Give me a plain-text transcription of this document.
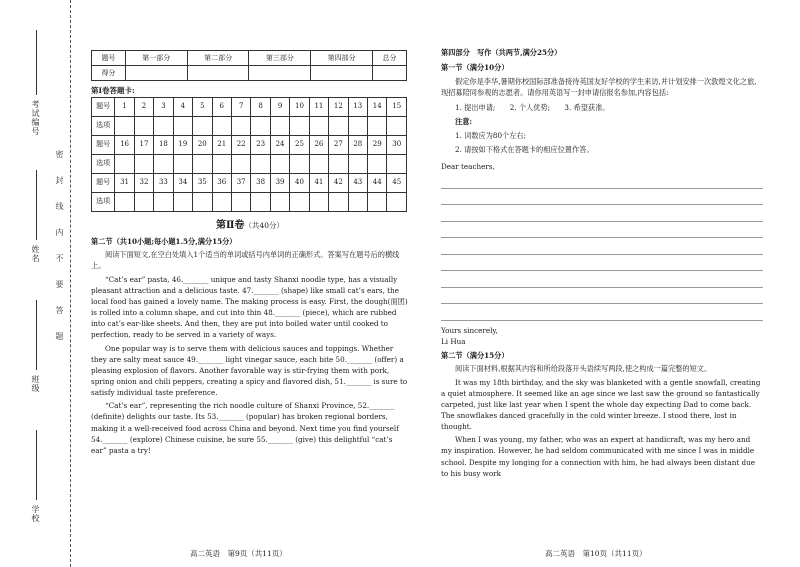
考试编号
姓名
班级
学校
密封线内不要答题
题号	第一部分	第二部分	第三部分	第四部分	总分
得分					
第Ⅰ卷答题卡:
题号	1	2	3	4	5	6	7	8	9	10	11	12	13	14	15
选项															
题号	16	17	18	19	20	21	22	23	24	25	26	27	28	29	30
选项															
题号	31	32	33	34	35	36	37	38	39	40	41	42	43	44	45
选项															
第Ⅱ卷（共40分）

第二节（共10小题;每小题1.5分,满分15分）

阅读下面短文,在空白处填入1个适当的单词或括号内单词的正确形式。答案写在题号后的横线上。

“Cat’s ear” pasta, 46._______ unique and tasty Shanxi noodle type, has a visually pleasant attraction and a delicious taste. 47._______ (shape) like small cat’s ears, the local food has gained a lovely name. The making process is easy. First, the dough(面团) is rolled into a column shape, and cut into thin 48._______ (piece), which are rubbed into cat’s ear-like sheets. And then, they are put into boiled water until cooked to perfection, ready to be served in a variety of ways.

One popular way is to serve them with delicious sauces and toppings. Whether they are salty meat sauce 49._______ light vinegar sauce, each bite 50._______ (offer) a pleasing explosion of flavors. Another favorable way is stir-frying them with pork, spring onion and chili peppers, creating a spicy and flavored dish, 51._______ is sure to satisfy individual taste preference.

“Cat’s ear”, representing the rich noodle culture of Shanxi Province, 52._______ (definite) delights our taste. Its 53._______ (popular) has broken regional borders, making it a well-received food across China and beyond. Next time you find yourself 54._______ (explore) Chinese cuisine, be sure 55._______ (give) this delightful “cat’s ear” pasta a try!

高二英语　第9页（共11页）

第四部分　写作（共两节,满分25分）

第一节（满分10分）

假定你是李华,暑期你校国际部准备接待英国友好学校的学生来访,并计划安排一次敦煌文化之旅,现招募陪同参观的志愿者。请你用英语写一封申请信报名参加,内容包括:

1. 提出申请;　　2. 个人优势;　　3. 希望获准。

注意:

1. 词数应为80个左右;

2. 请按如下格式在答题卡的相应位置作答。

Dear teachers,

Yours sincerely,

Li Hua

第二节（满分15分）

阅读下面材料,根据其内容和所给段落开头语续写两段,使之构成一篇完整的短文。

It was my 18th birthday, and the sky was blanketed with a gentle snowfall, creating a quiet atmosphere. It seemed like an age since we last saw the ground so fantastically carpeted, just like last year when I spent the whole day expecting Dad to come back. The snowflakes danced gracefully in the cold winter breeze. I stood there, lost in thought.

When I was young, my father, who was an expert at handicraft, was my hero and my inspiration. However, he had seldom communicated with me since I was in middle school. Despite my longing for a connection with him, he had always been distant due to his busy work

高二英语　第10页（共11页）
